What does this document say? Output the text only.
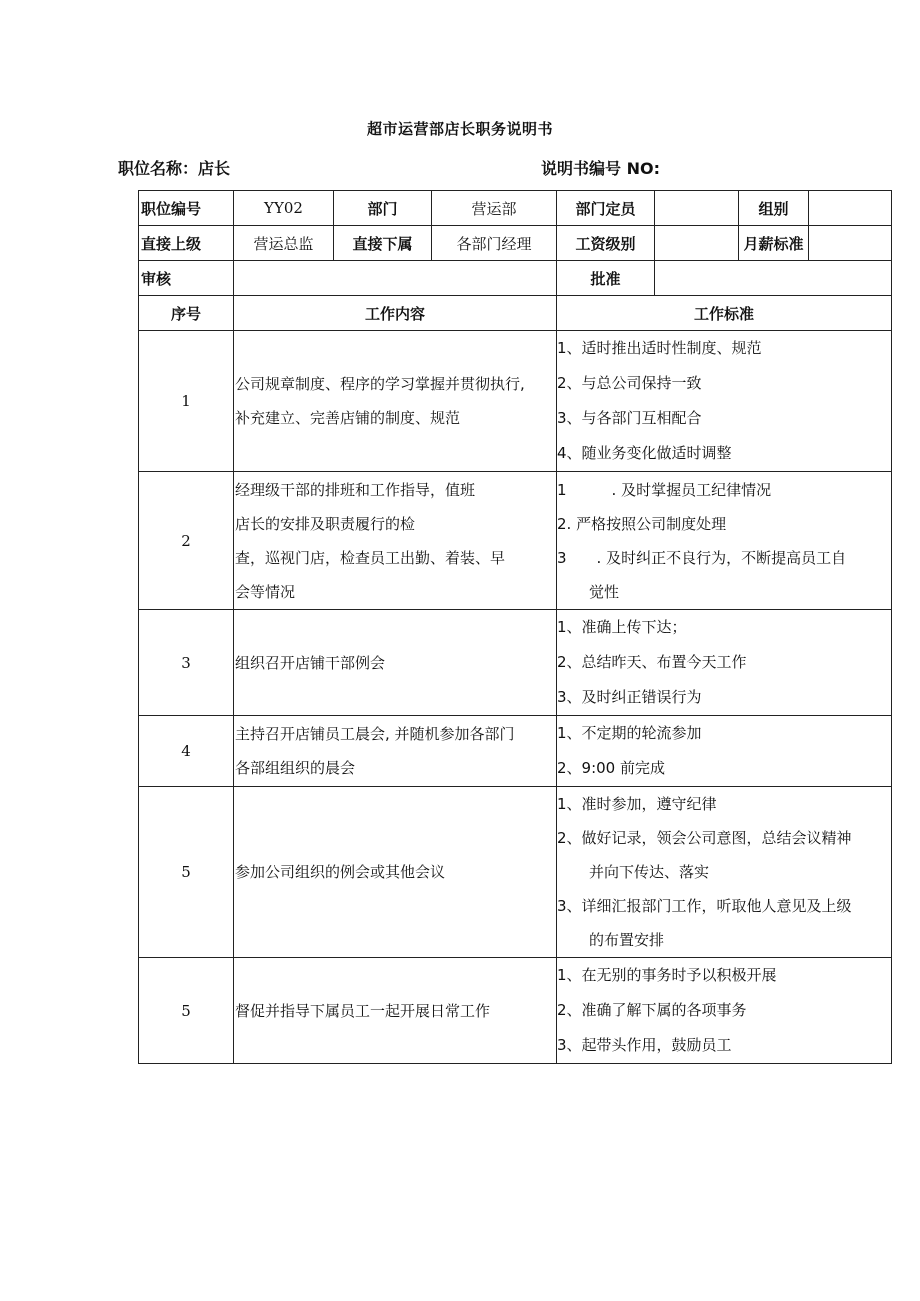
超市运营部店长职务说明书
职位名称：店长	说明书编号 NO:
职位编号	YY02	部门	营运部	部门定员		组别	
直接上级	营运总监	直接下属	各部门经理	工资级别		月薪标准	
审核				批准			
序号	工作内容			工作标准			
1	公司规章制度、程序的学习掌握并贯彻执行,
补充建立、完善店铺的制度、规范			1、适时推出适时性制度、规范
2、与总公司保持一致
3、与各部门互相配合
4、随业务变化做适时调整			

2	经理级干部的排班和工作指导，值班
店长的安排及职责履行的检
查，巡视门店，检查员工出勤、着装、早
会等情况			1　　　. 及时掌握员工纪律情况
2. 严格按照公司制度处理
3　　. 及时纠正不良行为，不断提高员工自
觉性			

3	组织召开店铺干部例会			1、准确上传下达；
2、总结昨天、布置今天工作
3、及时纠正错误行为			

4	主持召开店铺员工晨会, 并随机参加各部门
各部组组织的晨会			1、不定期的轮流参加
2、9:00 前完成			

5	参加公司组织的例会或其他会议			1、准时参加，遵守纪律
2、做好记录，领会公司意图，总结会议精神
并向下传达、落实
3、详细汇报部门工作，听取他人意见及上级
的布置安排			

5	督促并指导下属员工一起开展日常工作			1、在无别的事务时予以积极开展
2、准确了解下属的各项事务
3、起带头作用，鼓励员工			
